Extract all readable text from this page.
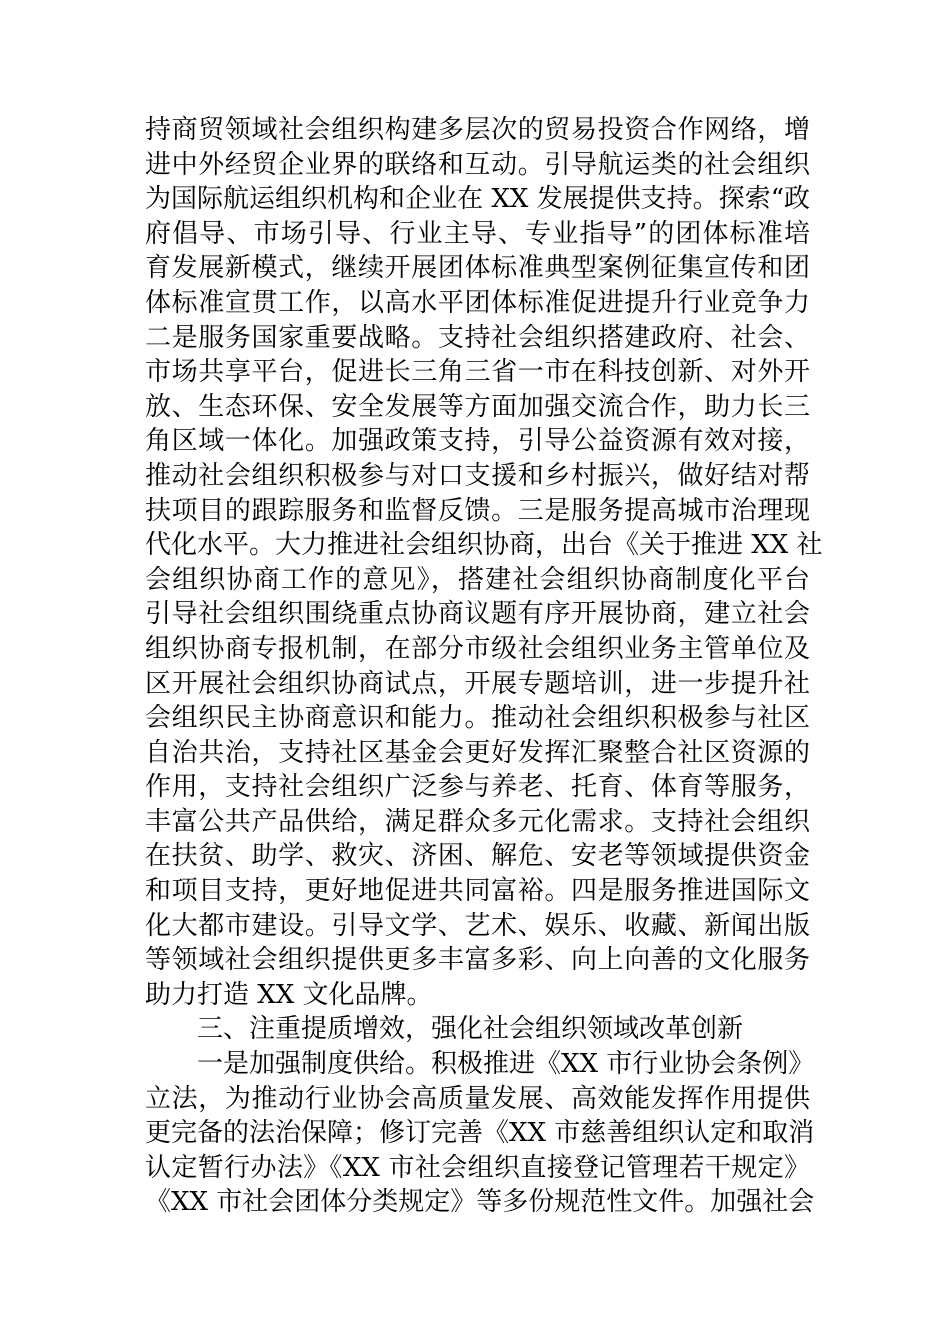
持商贸领域社会组织构建多层次的贸易投资合作网络，增
进中外经贸企业界的联络和互动。引导航运类的社会组织
为国际航运组织机构和企业在 XX 发展提供支持。探索“政
府倡导、市场引导、行业主导、专业指导”的团体标准培
育发展新模式，继续开展团体标准典型案例征集宣传和团
体标准宣贯工作，以高水平团体标准促进提升行业竞争力
二是服务国家重要战略。支持社会组织搭建政府、社会、
市场共享平台，促进长三角三省一市在科技创新、对外开
放、生态环保、安全发展等方面加强交流合作，助力长三
角区域一体化。加强政策支持，引导公益资源有效对接，
推动社会组织积极参与对口支援和乡村振兴，做好结对帮
扶项目的跟踪服务和监督反馈。三是服务提高城市治理现
代化水平。大力推进社会组织协商，出台《关于推进 XX 社
会组织协商工作的意见》，搭建社会组织协商制度化平台
引导社会组织围绕重点协商议题有序开展协商，建立社会
组织协商专报机制，在部分市级社会组织业务主管单位及
区开展社会组织协商试点，开展专题培训，进一步提升社
会组织民主协商意识和能力。推动社会组织积极参与社区
自治共治，支持社区基金会更好发挥汇聚整合社区资源的
作用，支持社会组织广泛参与养老、托育、体育等服务，
丰富公共产品供给，满足群众多元化需求。支持社会组织
在扶贫、助学、救灾、济困、解危、安老等领域提供资金
和项目支持，更好地促进共同富裕。四是服务推进国际文
化大都市建设。引导文学、艺术、娱乐、收藏、新闻出版
等领域社会组织提供更多丰富多彩、向上向善的文化服务
助力打造 XX 文化品牌。
三、注重提质增效，强化社会组织领域改革创新
一是加强制度供给。积极推进《XX 市行业协会条例》
立法，为推动行业协会高质量发展、高效能发挥作用提供
更完备的法治保障；修订完善《XX 市慈善组织认定和取消
认定暂行办法》《XX 市社会组织直接登记管理若干规定》
《XX 市社会团体分类规定》等多份规范性文件。加强社会
